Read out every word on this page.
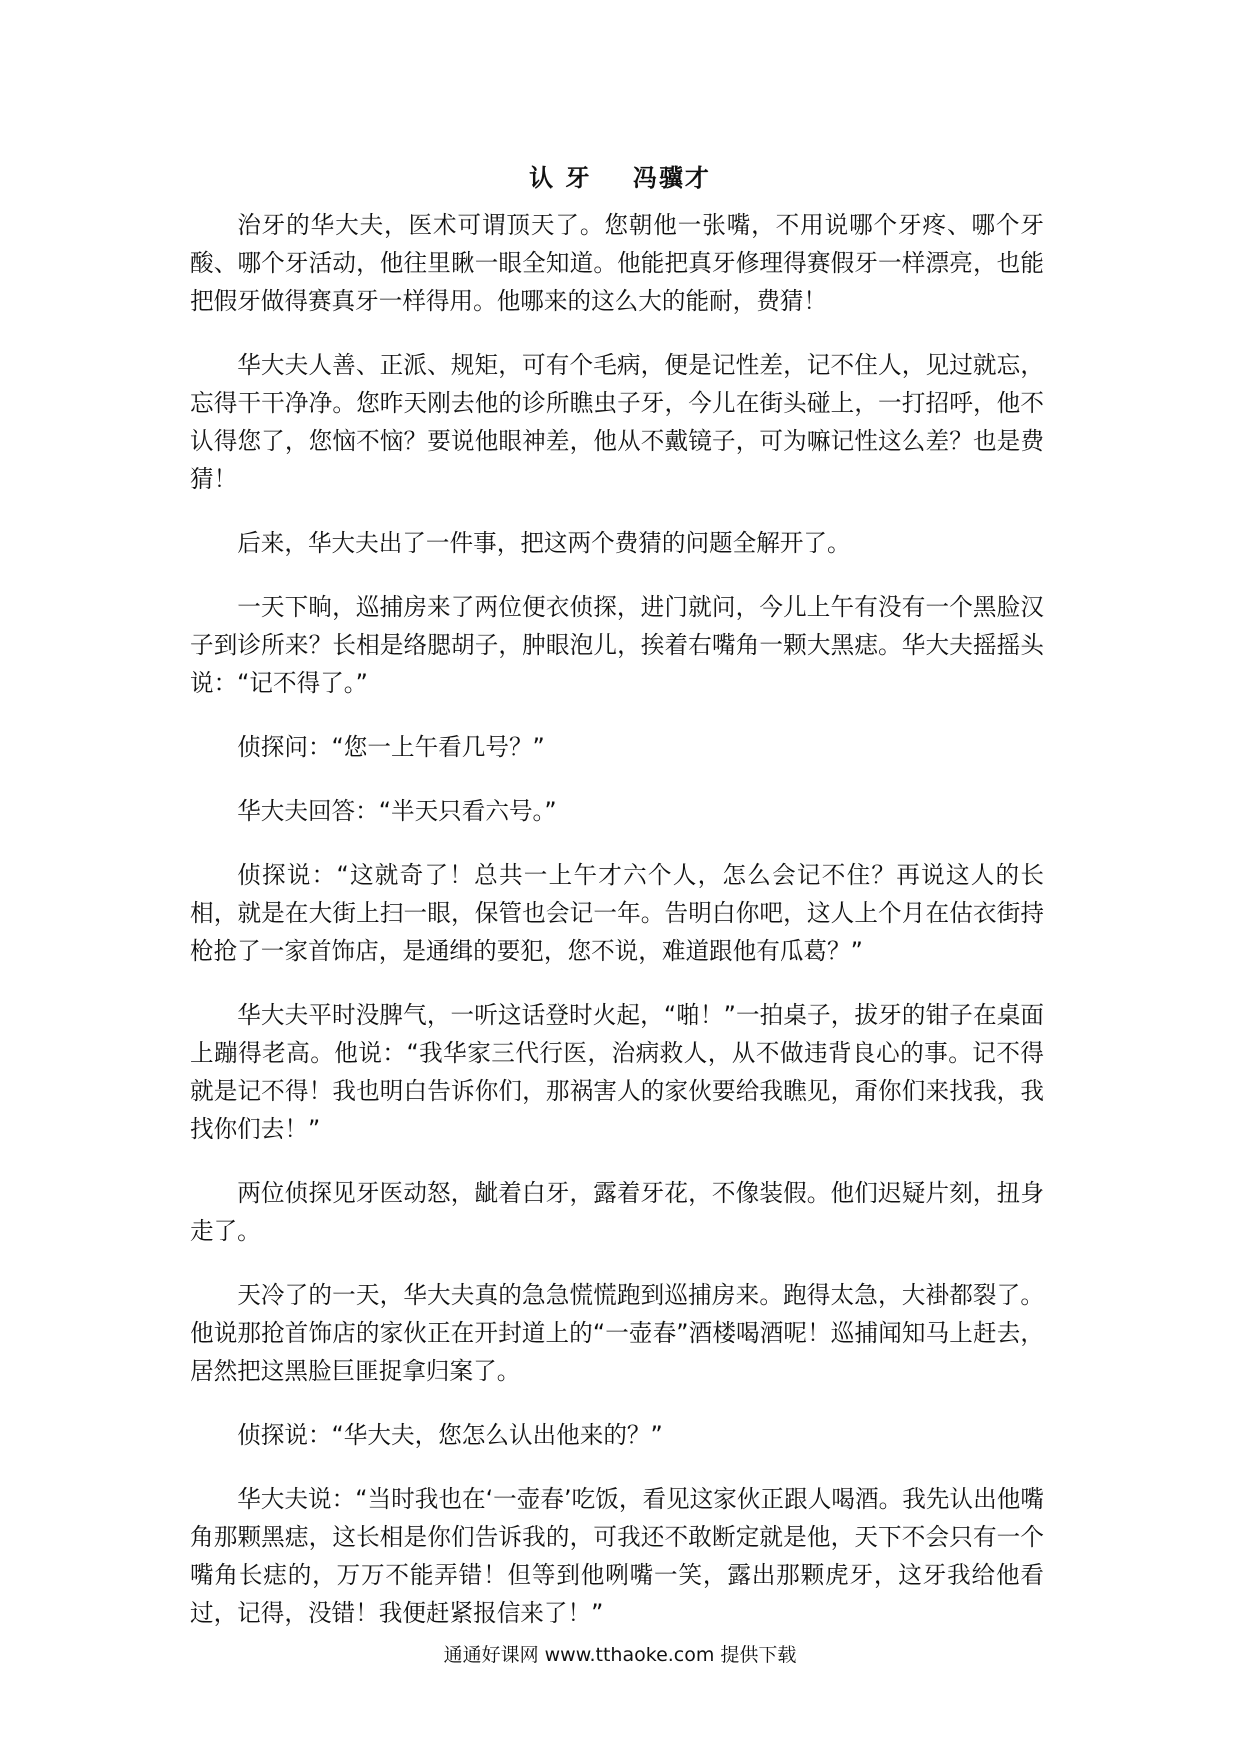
认 牙    冯骥才

治牙的华大夫，医术可谓顶天了。您朝他一张嘴，不用说哪个牙疼、哪个牙酸、哪个牙活动，他往里瞅一眼全知道。他能把真牙修理得赛假牙一样漂亮，也能把假牙做得赛真牙一样得用。他哪来的这么大的能耐，费猜！

华大夫人善、正派、规矩，可有个毛病，便是记性差，记不住人，见过就忘，忘得干干净净。您昨天刚去他的诊所瞧虫子牙，今儿在街头碰上，一打招呼，他不认得您了，您恼不恼？要说他眼神差，他从不戴镜子，可为嘛记性这么差？也是费猜！

后来，华大夫出了一件事，把这两个费猜的问题全解开了。

一天下晌，巡捕房来了两位便衣侦探，进门就问，今儿上午有没有一个黑脸汉子到诊所来？长相是络腮胡子，肿眼泡儿，挨着右嘴角一颗大黑痣。华大夫摇摇头说：“记不得了。”

侦探问：“您一上午看几号？”

华大夫回答：“半天只看六号。”

侦探说：“这就奇了！总共一上午才六个人，怎么会记不住？再说这人的长相，就是在大街上扫一眼，保管也会记一年。告明白你吧，这人上个月在估衣街持枪抢了一家首饰店，是通缉的要犯，您不说，难道跟他有瓜葛？”

华大夫平时没脾气，一听这话登时火起，“啪！”一拍桌子，拔牙的钳子在桌面上蹦得老高。他说：“我华家三代行医，治病救人，从不做违背良心的事。记不得就是记不得！我也明白告诉你们，那祸害人的家伙要给我瞧见，甭你们来找我，我找你们去！”

两位侦探见牙医动怒，龇着白牙，露着牙花，不像装假。他们迟疑片刻，扭身走了。

天冷了的一天，华大夫真的急急慌慌跑到巡捕房来。跑得太急，大褂都裂了。他说那抢首饰店的家伙正在开封道上的“一壶春”酒楼喝酒呢！巡捕闻知马上赶去，居然把这黑脸巨匪捉拿归案了。

侦探说：“华大夫，您怎么认出他来的？”

华大夫说：“当时我也在‘一壶春’吃饭，看见这家伙正跟人喝酒。我先认出他嘴角那颗黑痣，这长相是你们告诉我的，可我还不敢断定就是他，天下不会只有一个嘴角长痣的，万万不能弄错！但等到他咧嘴一笑，露出那颗虎牙，这牙我给他看过，记得，没错！我便赶紧报信来了！”

通通好课网 www.tthaoke.com 提供下载
